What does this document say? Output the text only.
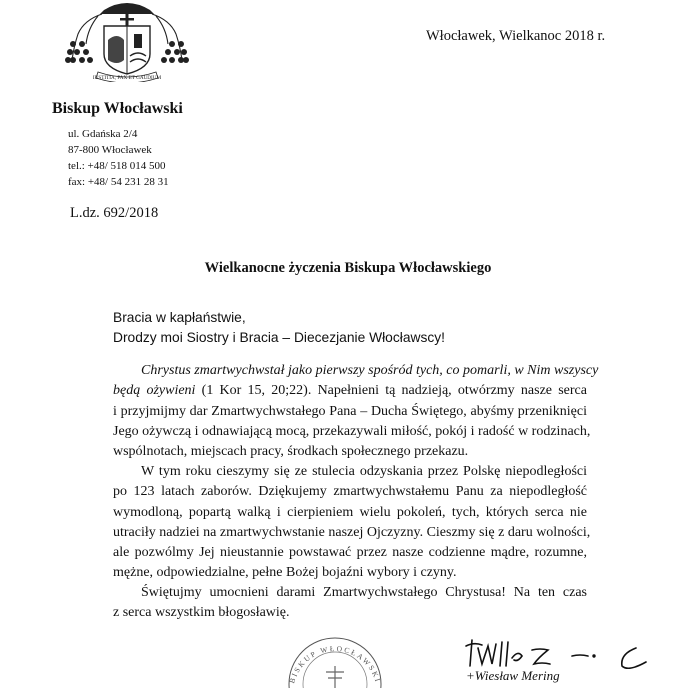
IUSTITIA, PAX ET GAUDIUM
Biskup Włocławski
ul. Gdańska 2/4
87-800 Włocławek
tel.: +48/ 518 014 500
fax: +48/ 54 231 28 31
Włocławek, Wielkanoc 2018 r.
L.dz. 692/2018
Wielkanocne życzenia Biskupa Włocławskiego
Bracia w kapłaństwie,
Drodzy moi Siostry i Bracia – Diecezjanie Włocławscy!
Chrystus zmartwychwstał jako pierwszy spośród tych, co pomarli, w Nim wszyscy
będą ożywieni (1 Kor 15, 20;22). Napełnieni tą nadzieją, otwórzmy nasze serca
i przyjmijmy dar Zmartwychwstałego Pana – Ducha Świętego, abyśmy przeniknięci
Jego ożywczą i odnawiającą mocą, przekazywali miłość, pokój i radość w rodzinach,
wspólnotach, miejscach pracy, środkach społecznego przekazu.
W tym roku cieszymy się ze stulecia odzyskania przez Polskę niepodległości
po 123 latach zaborów. Dziękujemy zmartwychwstałemu Panu za niepodległość
wymodloną, popartą walką i cierpieniem wielu pokoleń, tych, których serca nie
utraciły nadziei na zmartwychwstanie naszej Ojczyzny. Cieszmy się z daru wolności,
ale pozwólmy Jej nieustannie powstawać przez nasze codzienne mądre, rozumne,
mężne, odpowiedzialne, pełne Bożej bojaźni wybory i czyny.
Świętujmy umocnieni darami Zmartwychwstałego Chrystusa! Na ten czas
z serca wszystkim błogosławię.
BISKUP WŁOCŁAWSKI	+Wiesław Mering
